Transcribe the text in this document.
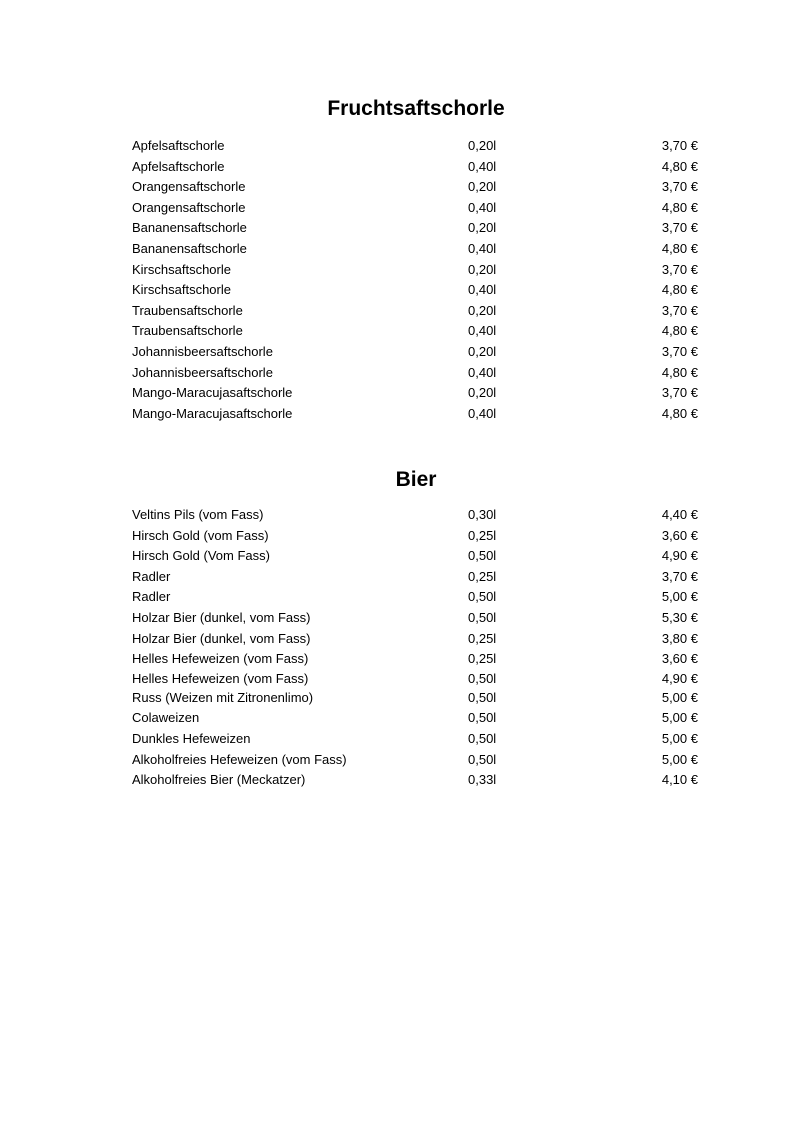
Fruchtsaftschorle
Apfelsaftschorle	0,20l	3,70 €
Apfelsaftschorle	0,40l	4,80 €
Orangensaftschorle	0,20l	3,70 €
Orangensaftschorle	0,40l	4,80 €
Bananensaftschorle	0,20l	3,70 €
Bananensaftschorle	0,40l	4,80 €
Kirschsaftschorle	0,20l	3,70 €
Kirschsaftschorle	0,40l	4,80 €
Traubensaftschorle	0,20l	3,70 €
Traubensaftschorle	0,40l	4,80 €
Johannisbeersaftschorle	0,20l	3,70 €
Johannisbeersaftschorle	0,40l	4,80 €
Mango-Maracujasaftschorle	0,20l	3,70 €
Mango-Maracujasaftschorle	0,40l	4,80 €
Bier
Veltins Pils (vom Fass)	0,30l	4,40 €
Hirsch Gold (vom Fass)	0,25l	3,60 €
Hirsch Gold (Vom Fass)	0,50l	4,90 €
Radler	0,25l	3,70 €
Radler	0,50l	5,00 €
Holzar Bier (dunkel, vom Fass)	0,50l	5,30 €
Holzar Bier (dunkel, vom Fass)	0,25l	3,80 €
Helles Hefeweizen (vom Fass)	0,25l	3,60 €
Helles Hefeweizen (vom Fass)	0,50l	4,90 €
Russ (Weizen mit Zitronenlimo)	0,50l	5,00 €
Colaweizen	0,50l	5,00 €
Dunkles Hefeweizen	0,50l	5,00 €
Alkoholfreies Hefeweizen (vom Fass)	0,50l	5,00 €
Alkoholfreies Bier (Meckatzer)	0,33l	4,10 €
